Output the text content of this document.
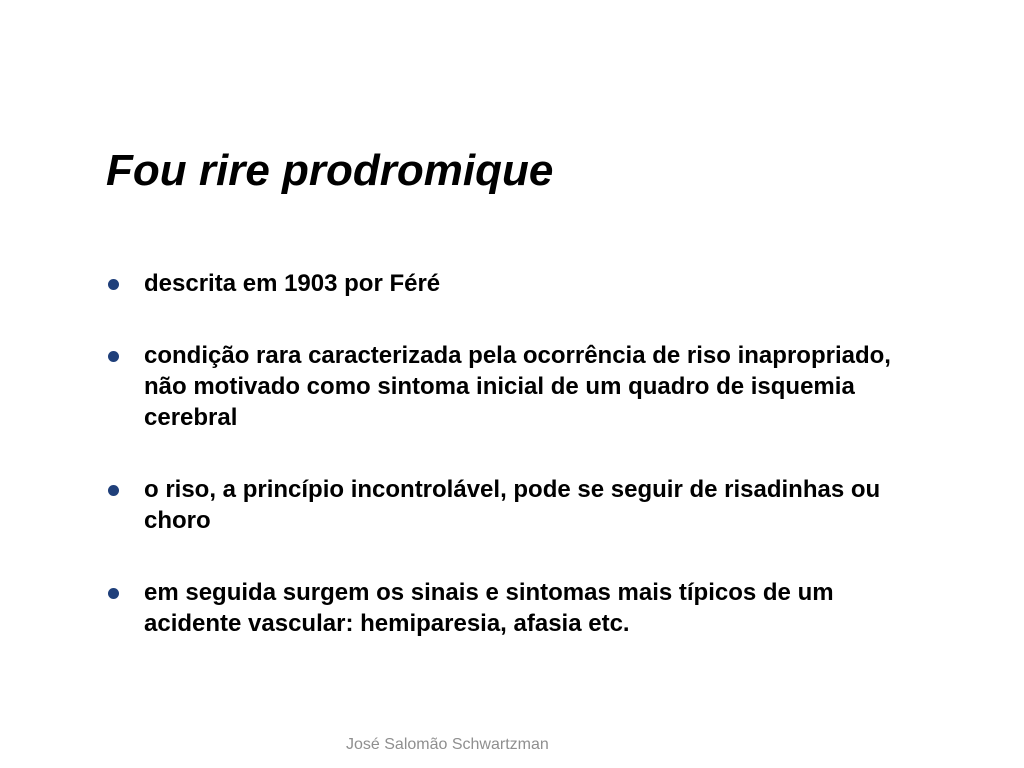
Fou rire prodromique
descrita em 1903 por Féré
condição rara caracterizada pela ocorrência de riso inapropriado, não motivado como sintoma inicial de um quadro de isquemia cerebral
o riso, a princípio incontrolável, pode se seguir de risadinhas ou choro
em seguida surgem os sinais e sintomas mais típicos de um acidente vascular: hemiparesia, afasia etc.
José Salomão Schwartzman
